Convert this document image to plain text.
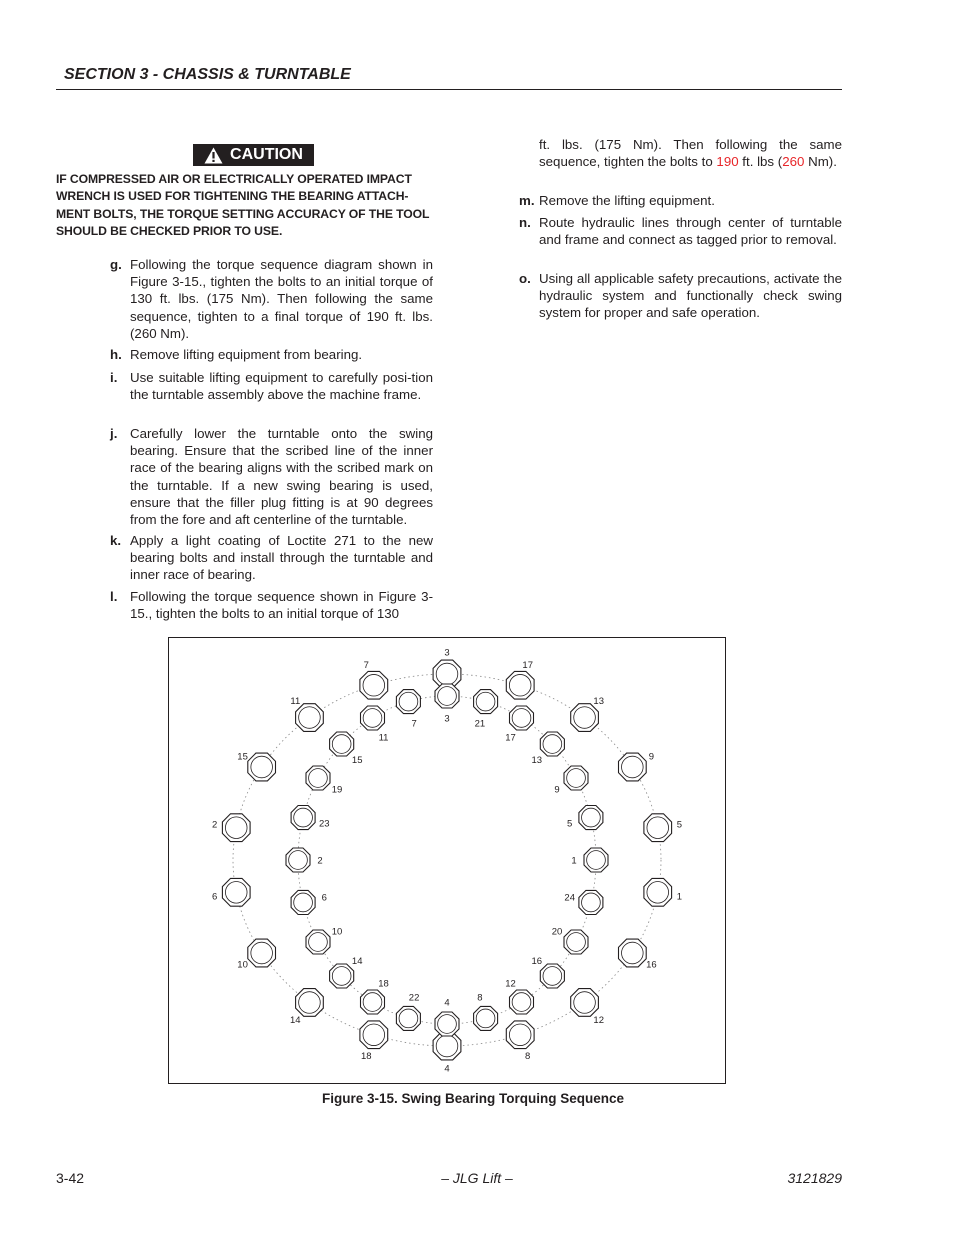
SECTION 3 - CHASSIS & TURNTABLE
CAUTION
IF COMPRESSED AIR OR ELECTRICALLY OPERATED IMPACT WRENCH IS USED FOR TIGHTENING THE BEARING ATTACH-MENT BOLTS, THE TORQUE SETTING ACCURACY OF THE TOOL SHOULD BE CHECKED PRIOR TO USE.
g. Following the torque sequence diagram shown in Figure 3-15., tighten the bolts to an initial torque of 130 ft. lbs. (175 Nm). Then following the same sequence, tighten to a final torque of 190 ft. lbs. (260 Nm).
h. Remove lifting equipment from bearing.
i. Use suitable lifting equipment to carefully posi-tion the turntable assembly above the machine frame.
j. Carefully lower the turntable onto the swing bearing. Ensure that the scribed line of the inner race of the bearing aligns with the scribed mark on the turntable. If a new swing bearing is used, ensure that the filler plug fitting is at 90 degrees from the fore and aft centerline of the turntable.
k. Apply a light coating of Loctite 271 to the new bearing bolts and install through the turntable and inner race of bearing.
l. Following the torque sequence shown in Figure 3-15., tighten the bolts to an initial torque of 130
ft. lbs. (175 Nm). Then following the same sequence, tighten the bolts to 190 ft. lbs (260 Nm).
m. Remove the lifting equipment.
n. Route hydraulic lines through center of turntable and frame and connect as tagged prior to removal.
o. Using all applicable safety precautions, activate the hydraulic system and functionally check swing system for proper and safe operation.
3
17
13
9
5
1
16
12
8
4
18
14
10
6
2
15
11
7
3	21
17
13
9
5
1
24
20
16
12
8
4
22
18
14
10
6
2
23
19
15
11
7
Figure 3-15. Swing Bearing Torquing Sequence
3-42	– JLG Lift –	3121829
